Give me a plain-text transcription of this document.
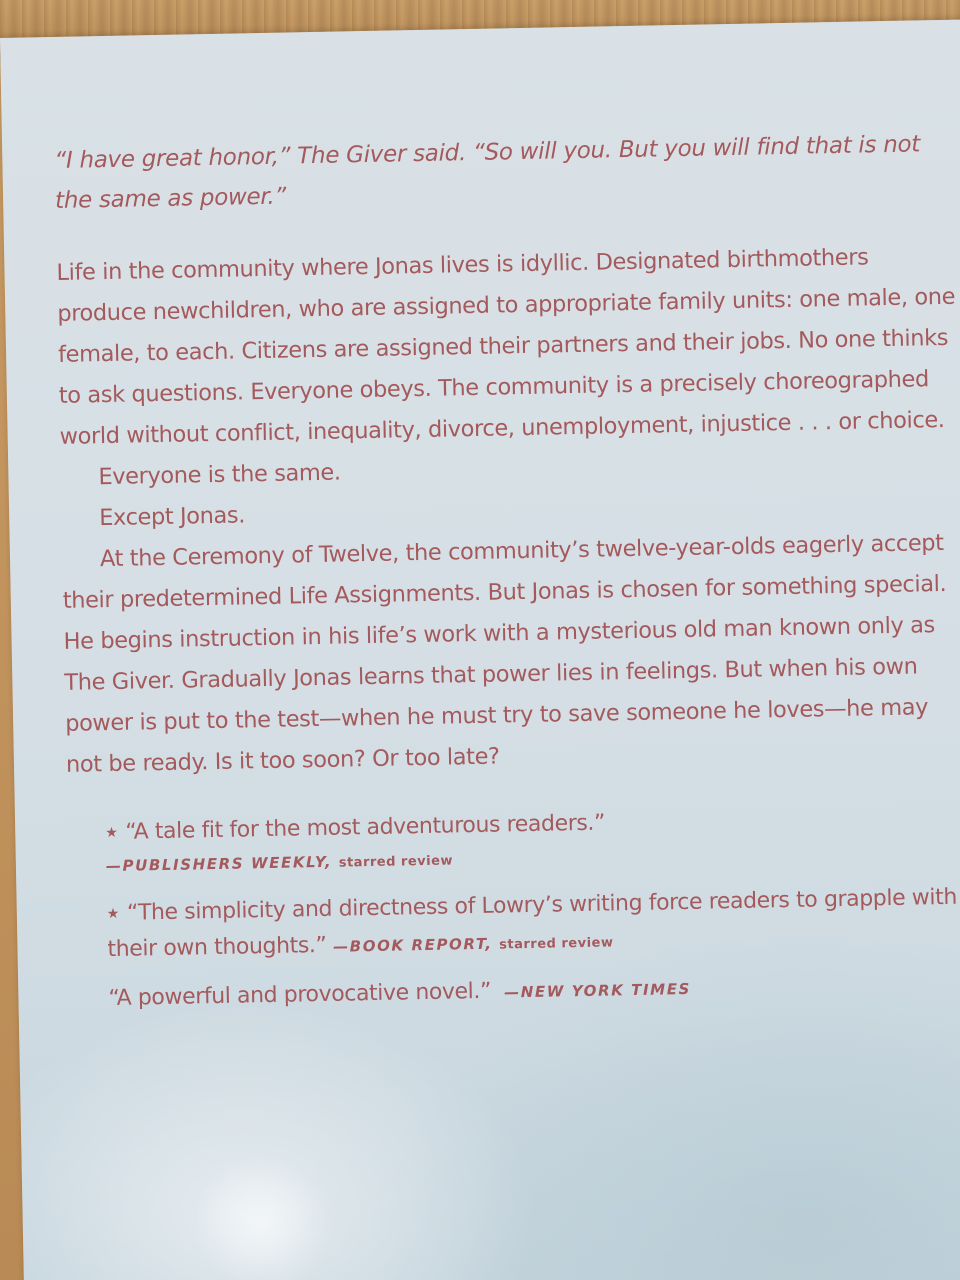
“I have great honor,” The Giver said. “So will you. But you will find that is not the same as power.”

Life in the community where Jonas lives is idyllic. Designated birthmothers produce newchildren, who are assigned to appropriate family units: one male, one female, to each. Citizens are assigned their partners and their jobs. No one thinks to ask questions. Everyone obeys. The community is a precisely choreographed world without conflict, inequality, divorce, unemployment, injustice . . . or choice.

Everyone is the same.

Except Jonas.

At the Ceremony of Twelve, the community’s twelve-year-olds eagerly accept their predetermined Life Assignments. But Jonas is chosen for something special. He begins instruction in his life’s work with a mysterious old man known only as The Giver. Gradually Jonas learns that power lies in feelings. But when his own power is put to the test—when he must try to save someone he loves—he may not be ready. Is it too soon? Or too late?

★ “A tale fit for the most adventurous readers.”
—PUBLISHERS WEEKLY, starred review
★ “The simplicity and directness of Lowry’s writing force readers to grapple with their own thoughts.” —BOOK REPORT, starred review
“A powerful and provocative novel.” —NEW YORK TIMES
